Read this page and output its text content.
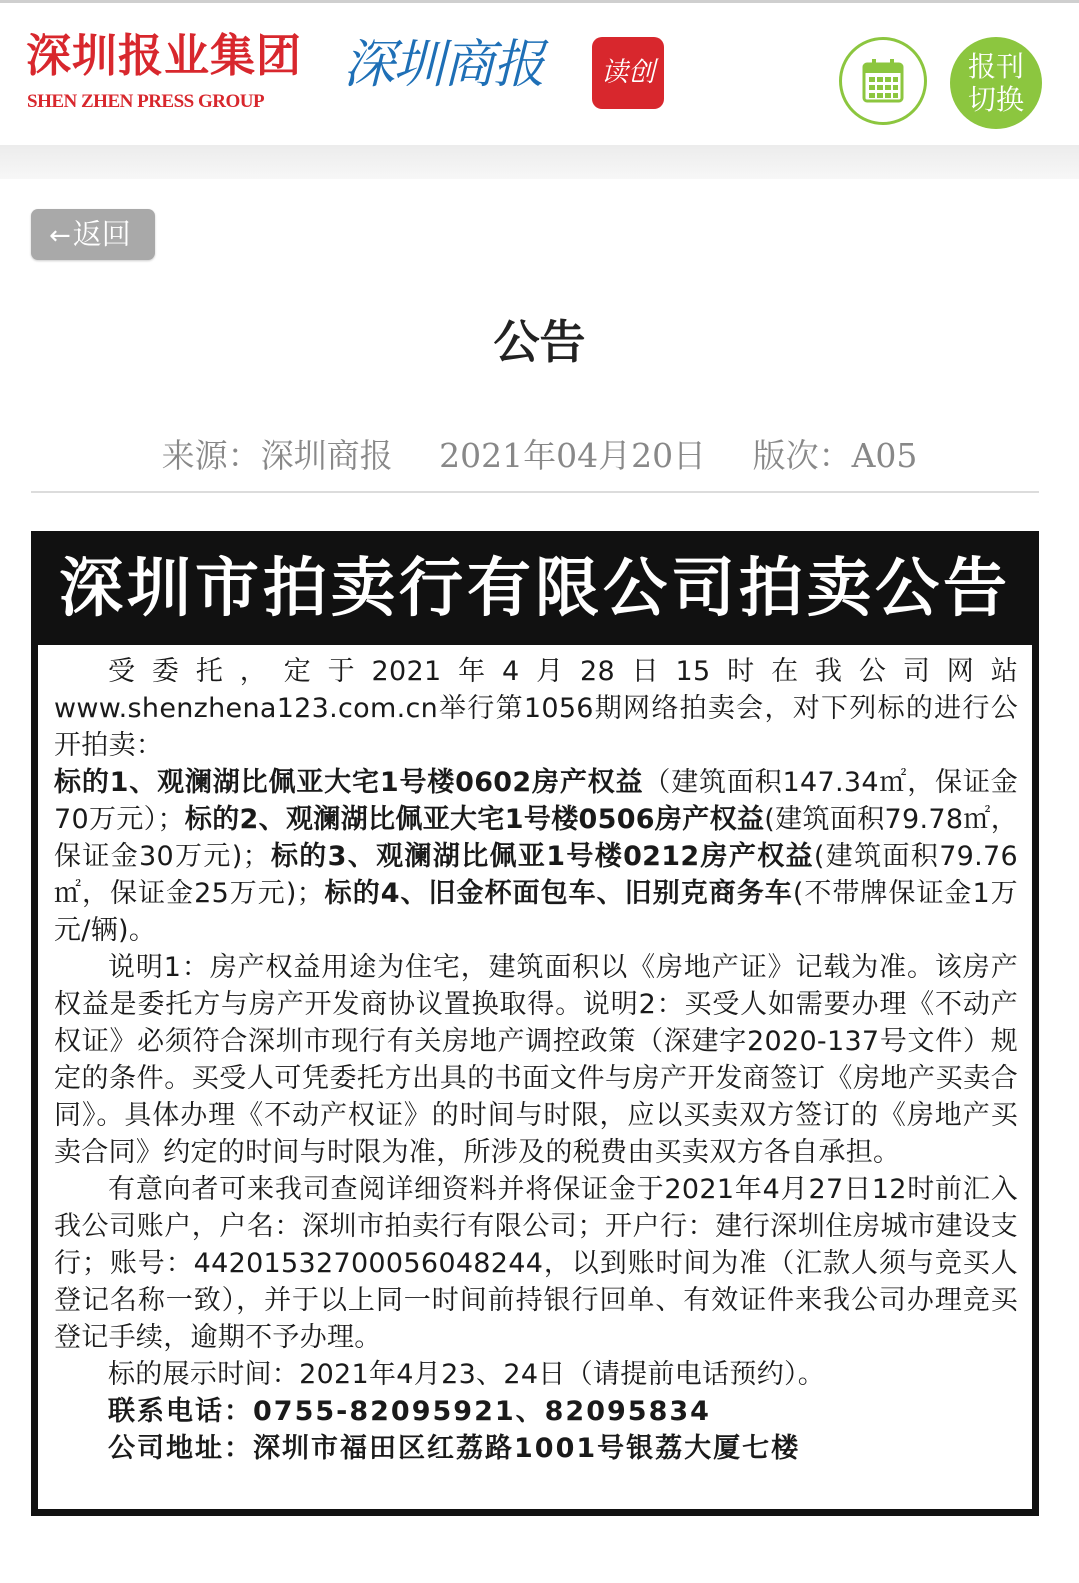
深圳报业集团
SHEN ZHEN PRESS GROUP
深圳商报	读创	报刊
切换
←返回
公告
来源：深圳商报 2021年04月20日 版次：A05
深圳市拍卖行有限公司拍卖公告

受委托，定于2021年4月28日15时在我公司网站www.shenzhena123.com.cn举行第1056期网络拍卖会，对下列标的进行公开拍卖：
标的1、观澜湖比佩亚大宅1号楼0602房产权益（建筑面积147.34㎡，保证金70万元）；标的2、观澜湖比佩亚大宅1号楼0506房产权益(建筑面积79.78㎡，保证金30万元)；标的3、观澜湖比佩亚1号楼0212房产权益(建筑面积79.76㎡，保证金25万元)；标的4、旧金杯面包车、旧别克商务车(不带牌保证金1万元/辆)。

说明1：房产权益用途为住宅，建筑面积以《房地产证》记载为准。该房产权益是委托方与房产开发商协议置换取得。说明2：买受人如需要办理《不动产权证》必须符合深圳市现行有关房地产调控政策（深建字2020-137号文件）规定的条件。买受人可凭委托方出具的书面文件与房产开发商签订《房地产买卖合同》。具体办理《不动产权证》的时间与时限，应以买卖双方签订的《房地产买卖合同》约定的时间与时限为准，所涉及的税费由买卖双方各自承担。

有意向者可来我司查阅详细资料并将保证金于2021年4月27日12时前汇入我公司账户，户名：深圳市拍卖行有限公司；开户行：建行深圳住房城市建设支行；账号：44201532700056048244，以到账时间为准（汇款人须与竞买人登记名称一致），并于以上同一时间前持银行回单、有效证件来我公司办理竞买登记手续，逾期不予办理。

标的展示时间：2021年4月23、24日（请提前电话预约）。

联系电话：0755-82095921、82095834

公司地址：深圳市福田区红荔路1001号银荔大厦七楼
